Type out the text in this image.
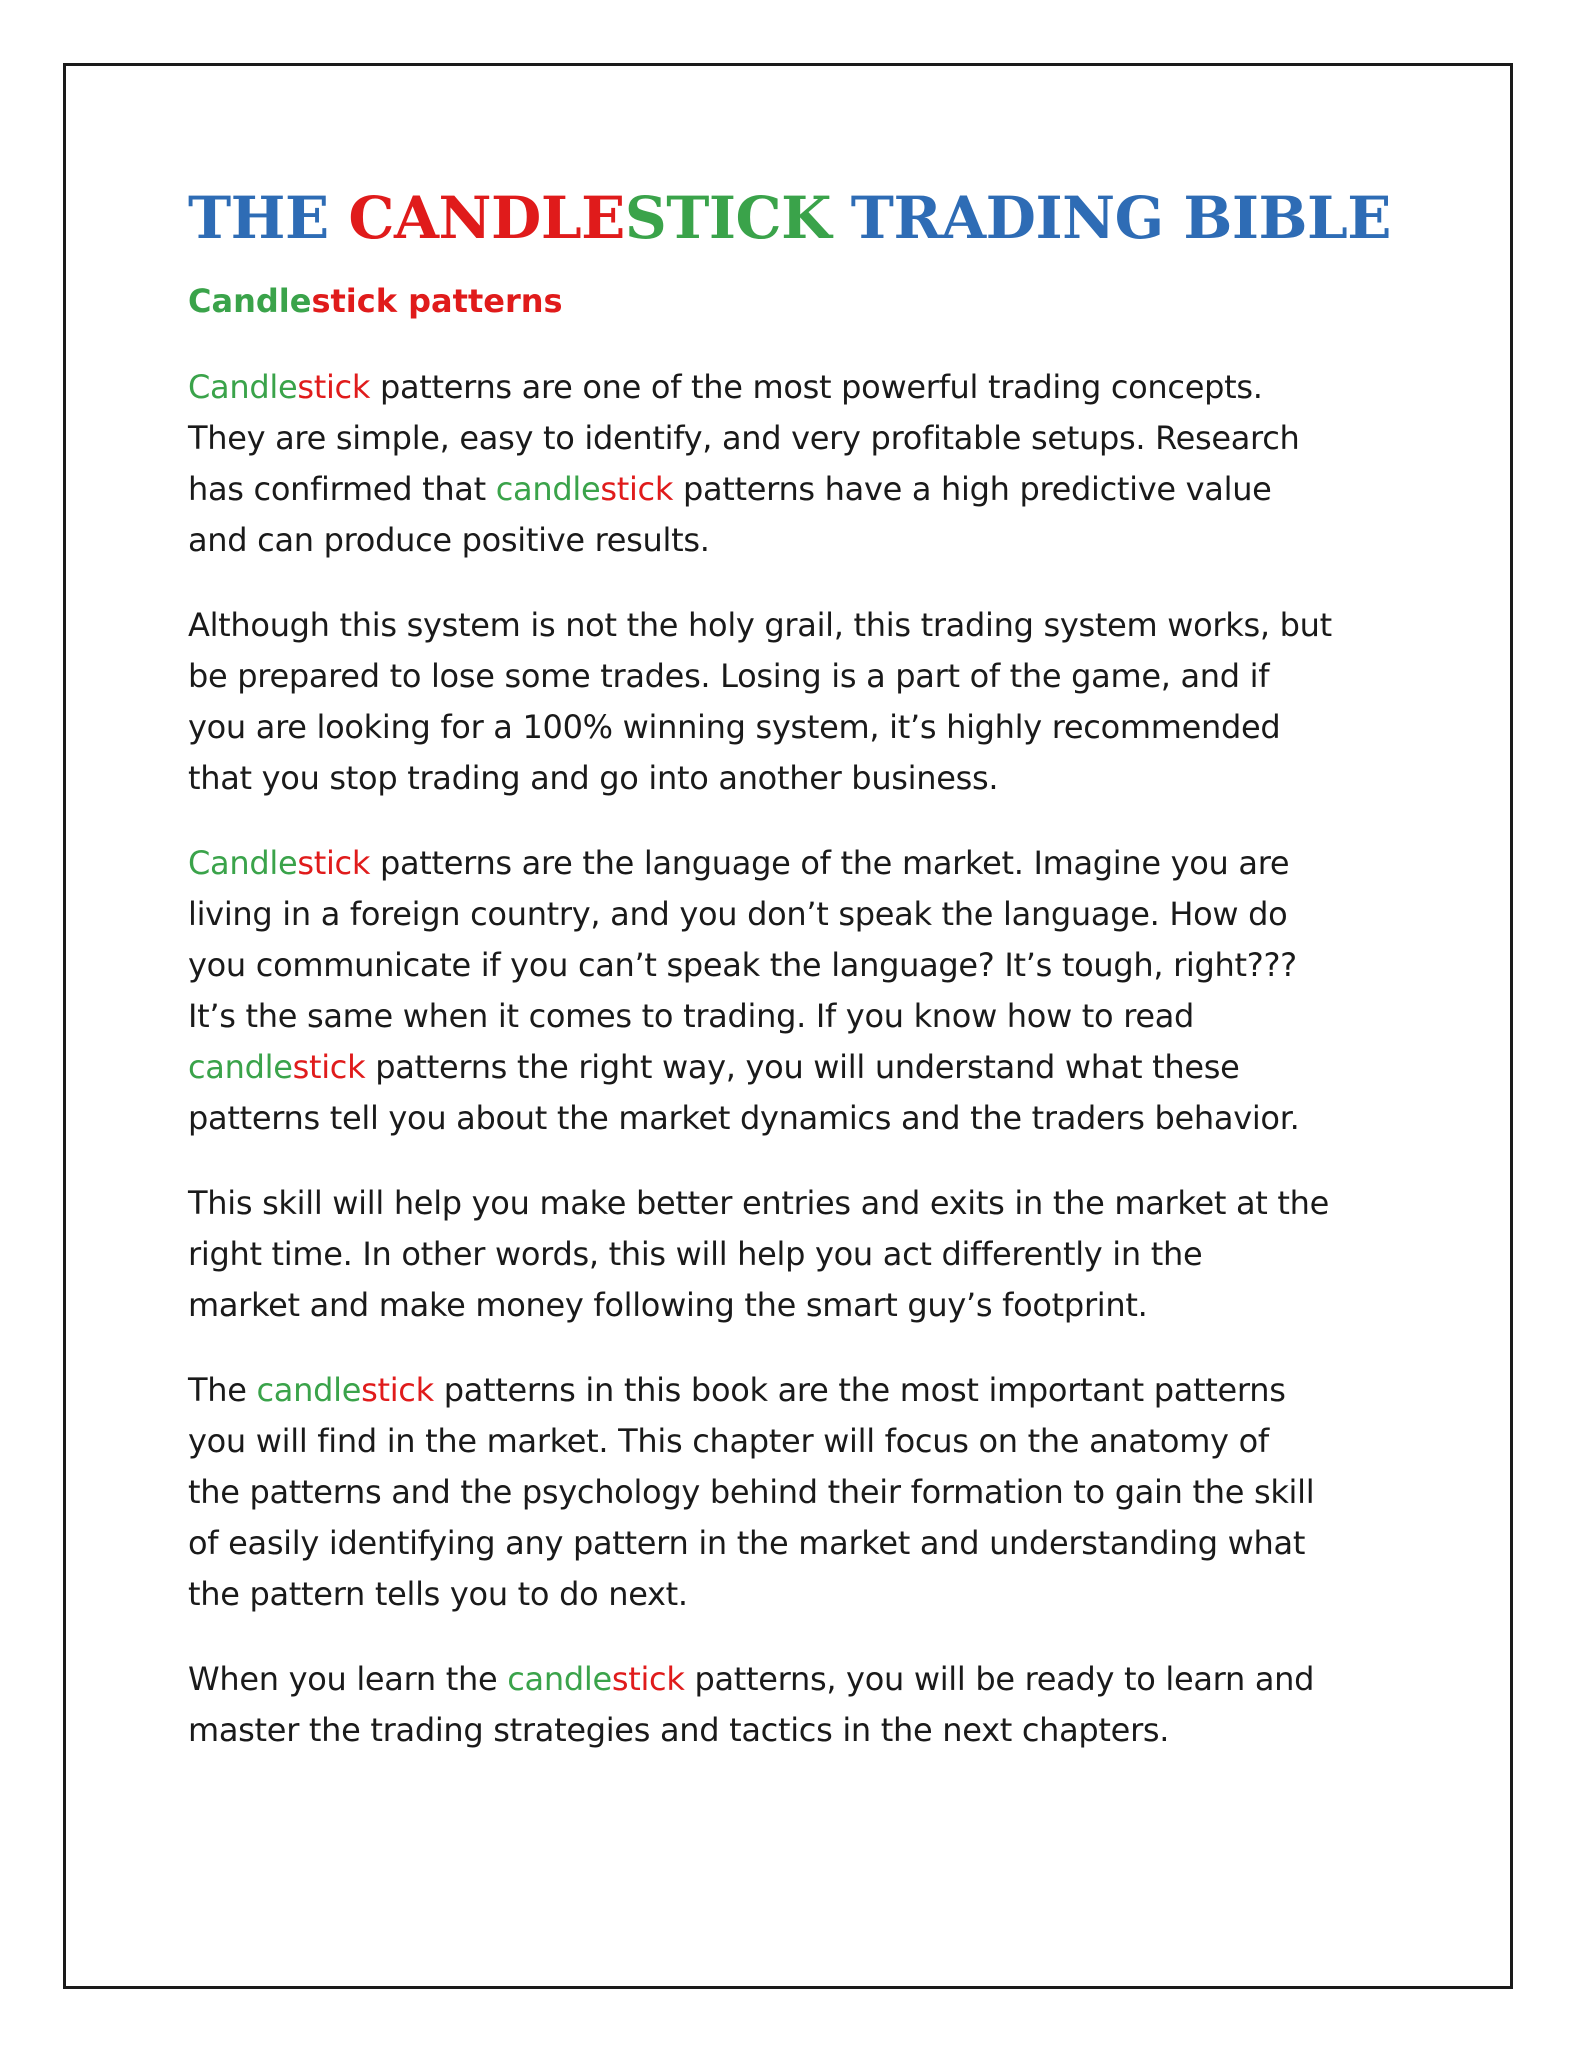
THE CANDLESTICK TRADING BIBLE
Candlestick patterns

Candlestick patterns are one of the most powerful trading concepts.
They are simple, easy to identify, and very profitable setups. Research
has confirmed that candlestick patterns have a high predictive value
and can produce positive results.

Although this system is not the holy grail, this trading system works, but
be prepared to lose some trades. Losing is a part of the game, and if
you are looking for a 100% winning system, it’s highly recommended
that you stop trading and go into another business.

Candlestick patterns are the language of the market. Imagine you are
living in a foreign country, and you don’t speak the language. How do
you communicate if you can’t speak the language? It’s tough, right???
It’s the same when it comes to trading. If you know how to read
candlestick patterns the right way, you will understand what these
patterns tell you about the market dynamics and the traders behavior.

This skill will help you make better entries and exits in the market at the
right time. In other words, this will help you act differently in the
market and make money following the smart guy’s footprint.

The candlestick patterns in this book are the most important patterns
you will find in the market. This chapter will focus on the anatomy of
the patterns and the psychology behind their formation to gain the skill
of easily identifying any pattern in the market and understanding what
the pattern tells you to do next.

When you learn the candlestick patterns, you will be ready to learn and
master the trading strategies and tactics in the next chapters.
